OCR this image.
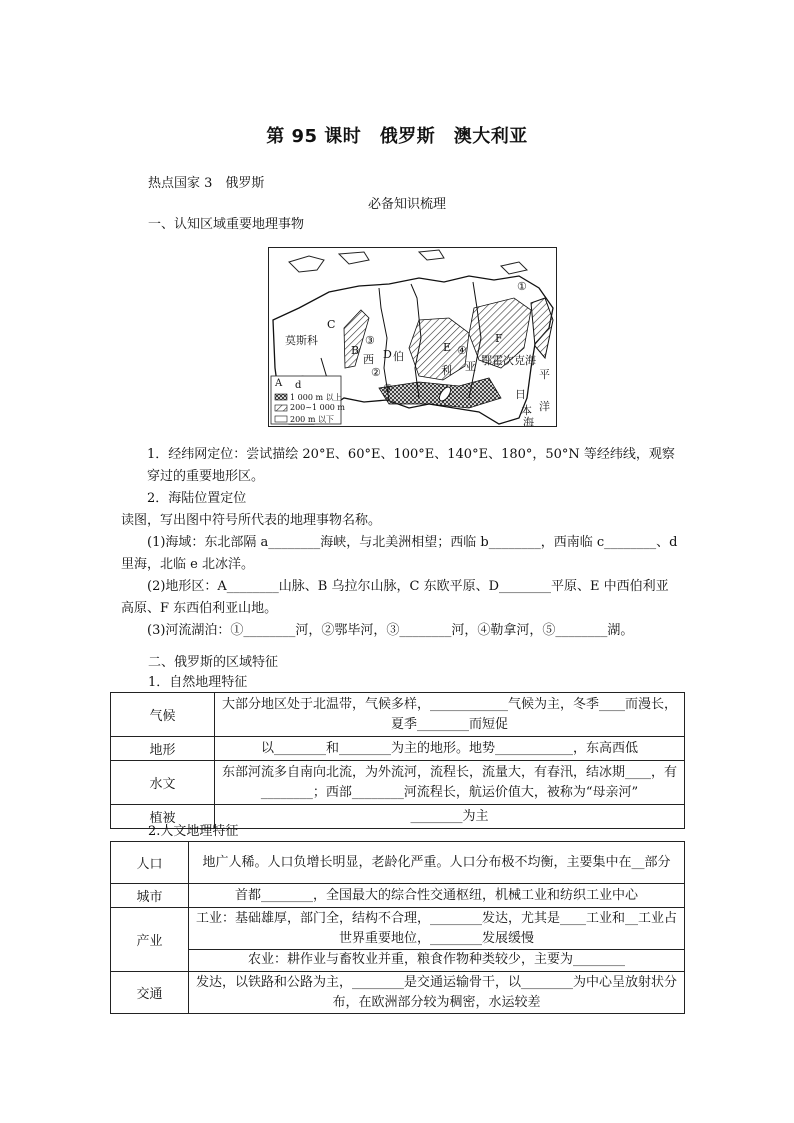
第 95 课时　俄罗斯　澳大利亚
热点国家 3　俄罗斯
必备知识梳理
一、认知区域重要地理事物
莫斯科
C
B
③
西 D 伯
②
⑤
E ④
利 亚
F
①
鄂霍次克海
平
日
洋
本
海
A d
1 000 m 以上
200~1 000 m
200 m 以下
1．经纬网定位：尝试描绘 20°E、60°E、100°E、140°E、180°，50°N 等经纬线，观察穿过的重要地形区。
2．海陆位置定位
读图，写出图中符号所代表的地理事物名称。
(1)海域：东北部隔 a________海峡，与北美洲相望；西临 b________，西南临 c________、d 里海，北临 e 北冰洋。
(2)地形区：A________山脉、B 乌拉尔山脉，C 东欧平原、D________平原、E 中西伯利亚高原、F 东西伯利亚山地。
(3)河流湖泊：①________河，②鄂毕河，③________河，④勒拿河，⑤________湖。
二、俄罗斯的区域特征
1．自然地理特征
气候	大部分地区处于北温带，气候多样，____________气候为主，冬季____而漫长，夏季________而短促
地形	以________和________为主的地形。地势____________，东高西低
水文	东部河流多自南向北流，为外流河，流程长，流量大，有春汛，结冰期____，有________；西部________河流程长，航运价值大，被称为“母亲河”
植被	________为主
2.人文地理特征
人口	地广人稀。人口负增长明显，老龄化严重。人口分布极不均衡，主要集中在__部分
城市	首都________，全国最大的综合性交通枢纽，机械工业和纺织工业中心
产业	工业：基础雄厚，部门全，结构不合理，________发达，尤其是____工业和__工业占世界重要地位，________发展缓慢
农业：耕作业与畜牧业并重，粮食作物种类较少，主要为________

交通	发达，以铁路和公路为主，________是交通运输骨干，以________为中心呈放射状分布，在欧洲部分较为稠密，水运较差
